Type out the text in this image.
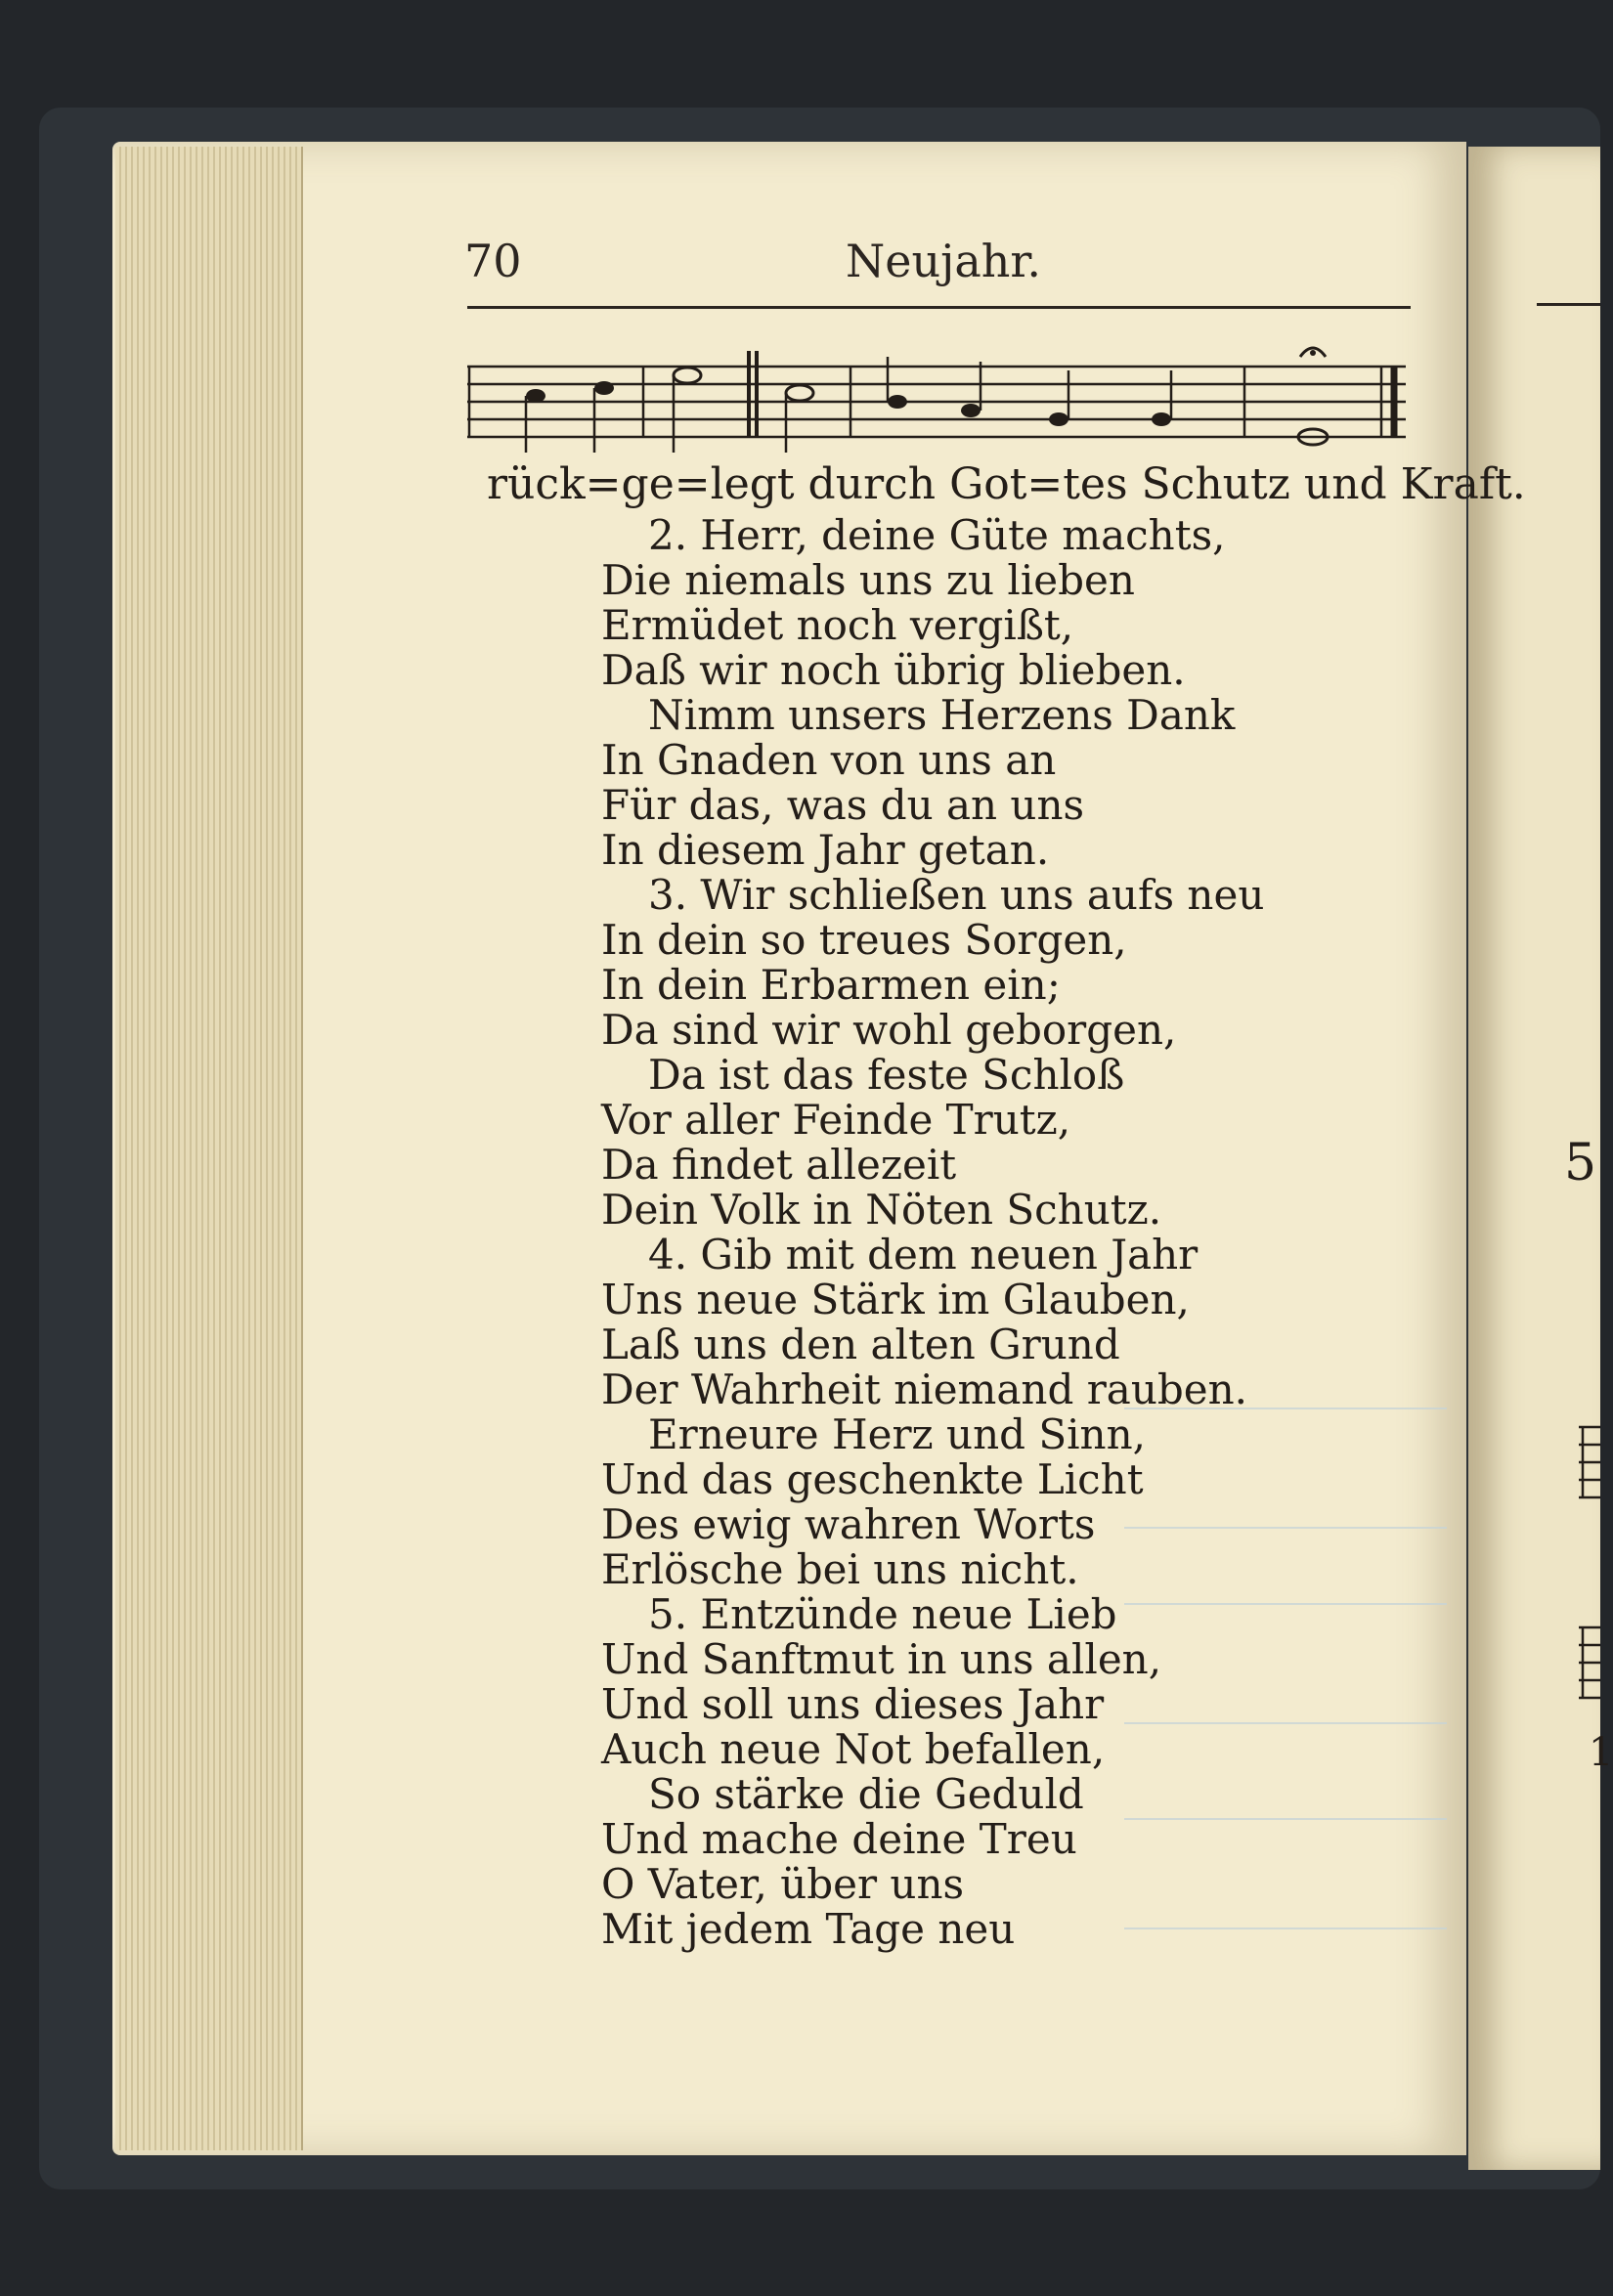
70	Neujahr.
rück=ge=legt durch Got=tes Schutz und Kraft.
2. Herr, deine Güte machts,
Die niemals uns zu lieben
Ermüdet noch vergißt,
Daß wir noch übrig blieben.
Nimm unsers Herzens Dank
In Gnaden von uns an
Für das, was du an uns
In diesem Jahr getan.
3. Wir schließen uns aufs neu
In dein so treues Sorgen,
In dein Erbarmen ein;
Da sind wir wohl geborgen,
Da ist das feste Schloß
Vor aller Feinde Trutz,
Da findet allezeit
Dein Volk in Nöten Schutz.
4. Gib mit dem neuen Jahr
Uns neue Stärk im Glauben,
Laß uns den alten Grund
Der Wahrheit niemand rauben.
Erneure Herz und Sinn,
Und das geschenkte Licht
Des ewig wahren Worts
Erlösche bei uns nicht.
5. Entzünde neue Lieb
Und Sanftmut in uns allen,
Und soll uns dieses Jahr
Auch neue Not befallen,
So stärke die Geduld
Und mache deine Treu
O Vater, über uns
Mit jedem Tage neu
5
1
